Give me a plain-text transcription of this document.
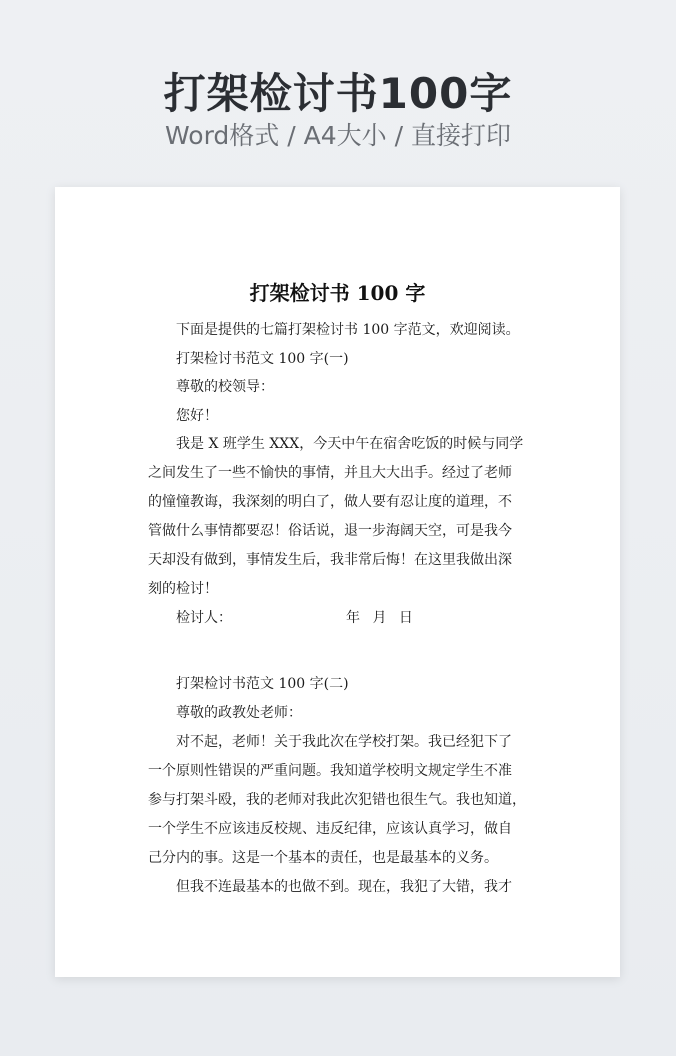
打架检讨书100字
Word格式 / A4大小 / 直接打印
打架检讨书 100 字
下面是提供的七篇打架检讨书 100 字范文，欢迎阅读。
打架检讨书范文 100 字(一)
尊敬的校领导：
您好！
我是 X 班学生 XXX，今天中午在宿舍吃饭的时候与同学
之间发生了一些不愉快的事情，并且大大出手。经过了老师
的憧憧教诲，我深刻的明白了，做人要有忍让度的道理，不
管做什么事情都要忍！俗话说，退一步海阔天空，可是我今
天却没有做到，事情发生后，我非常后悔！在这里我做出深
刻的检讨！
检讨人：	年 月 日
打架检讨书范文 100 字(二)
尊敬的政教处老师：
对不起，老师！关于我此次在学校打架。我已经犯下了
一个原则性错误的严重问题。我知道学校明文规定学生不准
参与打架斗殴，我的老师对我此次犯错也很生气。我也知道，
一个学生不应该违反校规、违反纪律，应该认真学习，做自
己分内的事。这是一个基本的责任，也是最基本的义务。
但我不连最基本的也做不到。现在，我犯了大错，我才
